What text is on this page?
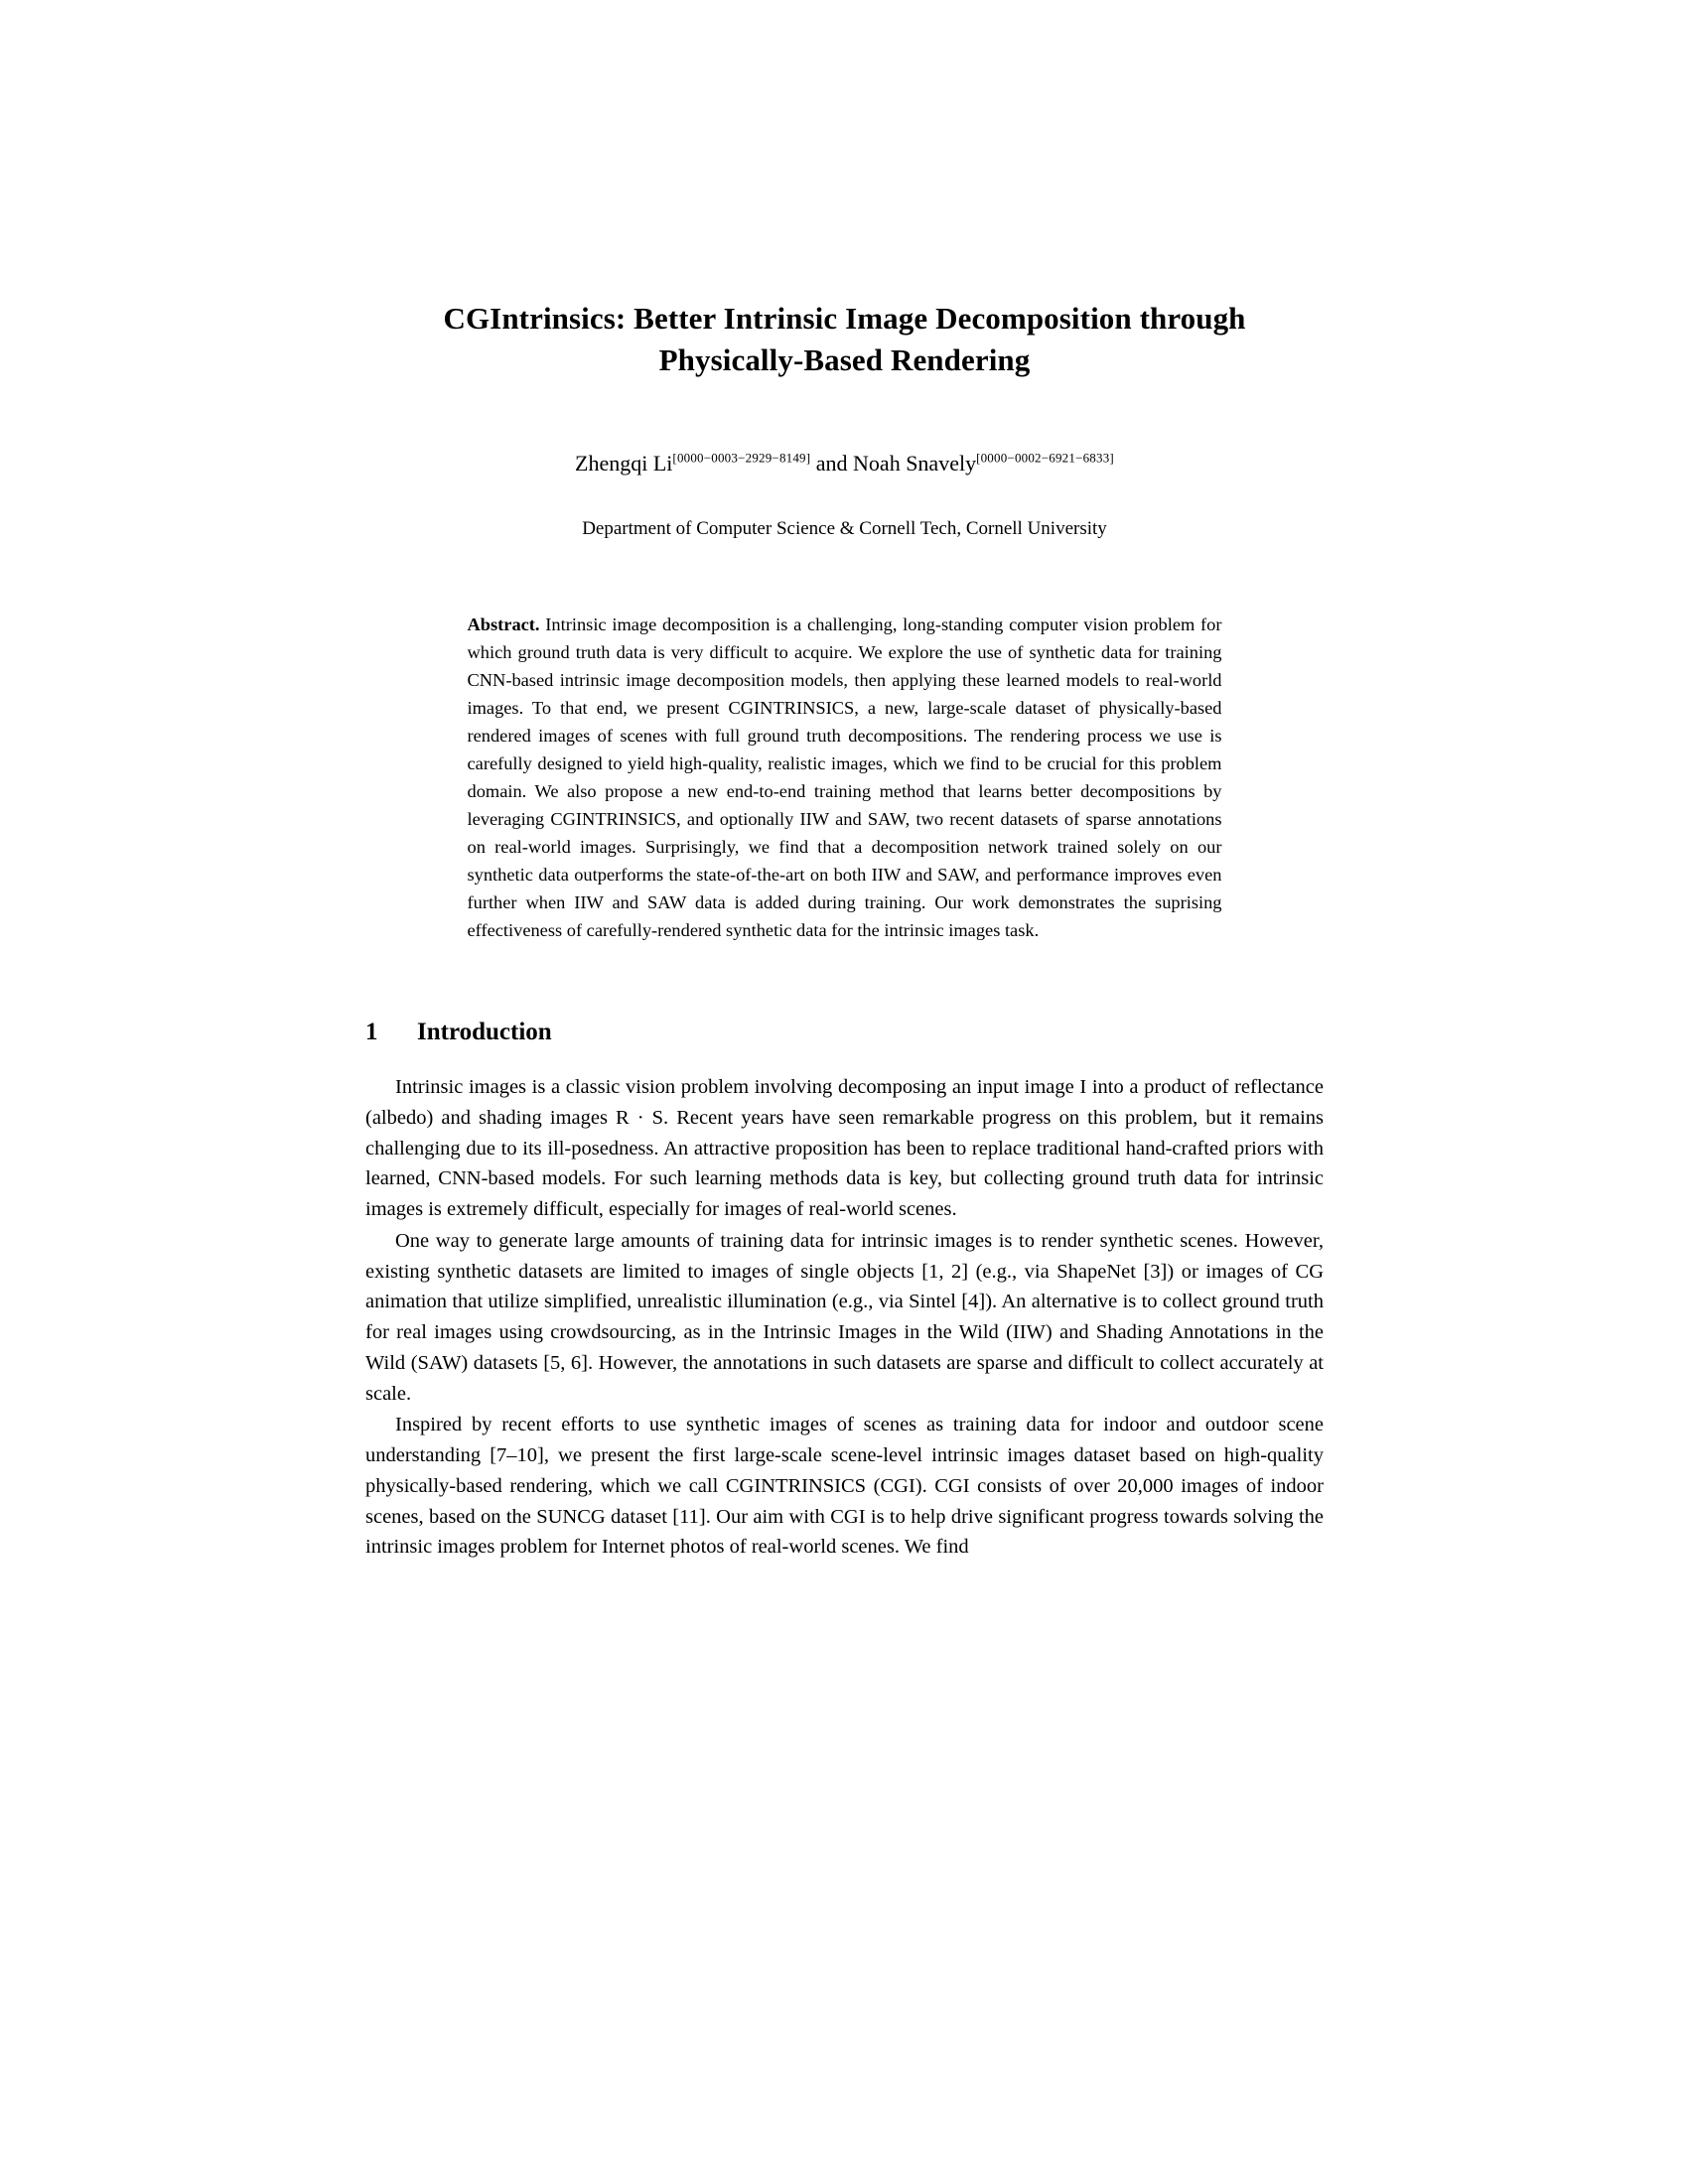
CGIntrinsics: Better Intrinsic Image Decomposition through Physically-Based Rendering
Zhengqi Li[0000−0003−2929−8149] and Noah Snavely[0000−0002−6921−6833]
Department of Computer Science & Cornell Tech, Cornell University
Abstract. Intrinsic image decomposition is a challenging, long-standing computer vision problem for which ground truth data is very difficult to acquire. We explore the use of synthetic data for training CNN-based intrinsic image decomposition models, then applying these learned models to real-world images. To that end, we present CGINTRINSICS, a new, large-scale dataset of physically-based rendered images of scenes with full ground truth decompositions. The rendering process we use is carefully designed to yield high-quality, realistic images, which we find to be crucial for this problem domain. We also propose a new end-to-end training method that learns better decompositions by leveraging CGINTRINSICS, and optionally IIW and SAW, two recent datasets of sparse annotations on real-world images. Surprisingly, we find that a decomposition network trained solely on our synthetic data outperforms the state-of-the-art on both IIW and SAW, and performance improves even further when IIW and SAW data is added during training. Our work demonstrates the suprising effectiveness of carefully-rendered synthetic data for the intrinsic images task.
1	Introduction

Intrinsic images is a classic vision problem involving decomposing an input image I into a product of reflectance (albedo) and shading images R · S. Recent years have seen remarkable progress on this problem, but it remains challenging due to its ill-posedness. An attractive proposition has been to replace traditional hand-crafted priors with learned, CNN-based models. For such learning methods data is key, but collecting ground truth data for intrinsic images is extremely difficult, especially for images of real-world scenes.

One way to generate large amounts of training data for intrinsic images is to render synthetic scenes. However, existing synthetic datasets are limited to images of single objects [1, 2] (e.g., via ShapeNet [3]) or images of CG animation that utilize simplified, unrealistic illumination (e.g., via Sintel [4]). An alternative is to collect ground truth for real images using crowdsourcing, as in the Intrinsic Images in the Wild (IIW) and Shading Annotations in the Wild (SAW) datasets [5, 6]. However, the annotations in such datasets are sparse and difficult to collect accurately at scale.

Inspired by recent efforts to use synthetic images of scenes as training data for indoor and outdoor scene understanding [7–10], we present the first large-scale scene-level intrinsic images dataset based on high-quality physically-based rendering, which we call CGINTRINSICS (CGI). CGI consists of over 20,000 images of indoor scenes, based on the SUNCG dataset [11]. Our aim with CGI is to help drive significant progress towards solving the intrinsic images problem for Internet photos of real-world scenes. We find
